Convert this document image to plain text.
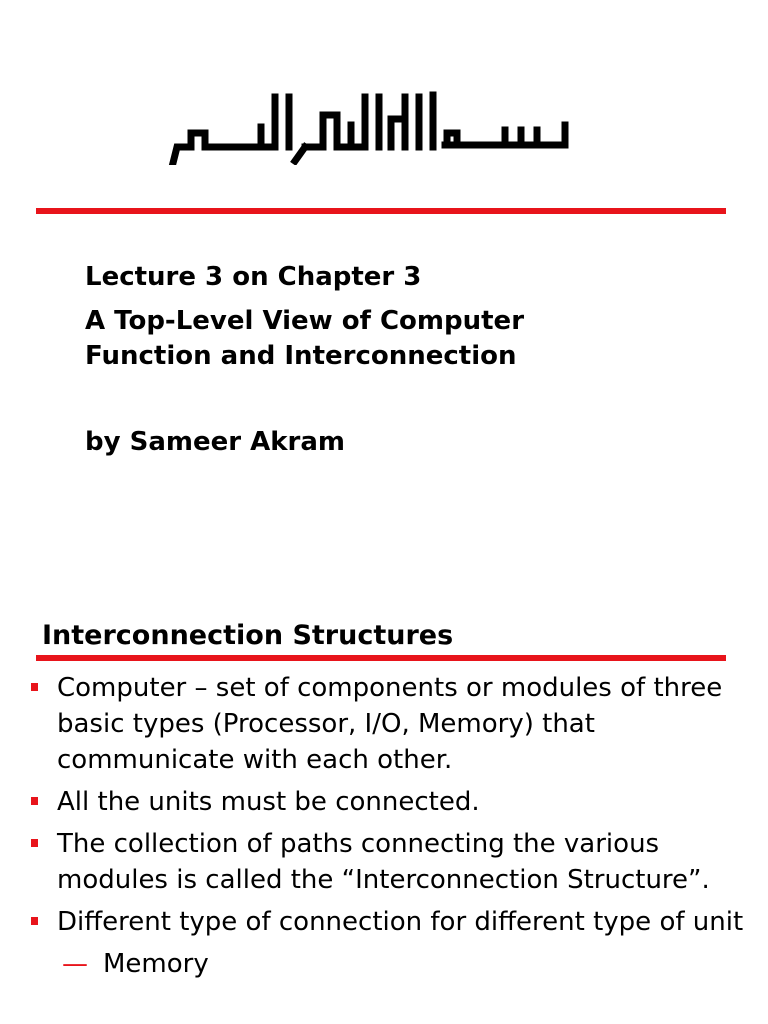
Lecture 3 on Chapter 3
A Top-Level View of Computer
Function and Interconnection
by Sameer Akram
Interconnection Structures
Computer – set of components or modules of three basic types (Processor, I/O, Memory) that communicate with each other.
All the units must be connected.
The collection of paths connecting the various modules is called the “Interconnection Structure”.
Different type of connection for different type of unit
— Memory
